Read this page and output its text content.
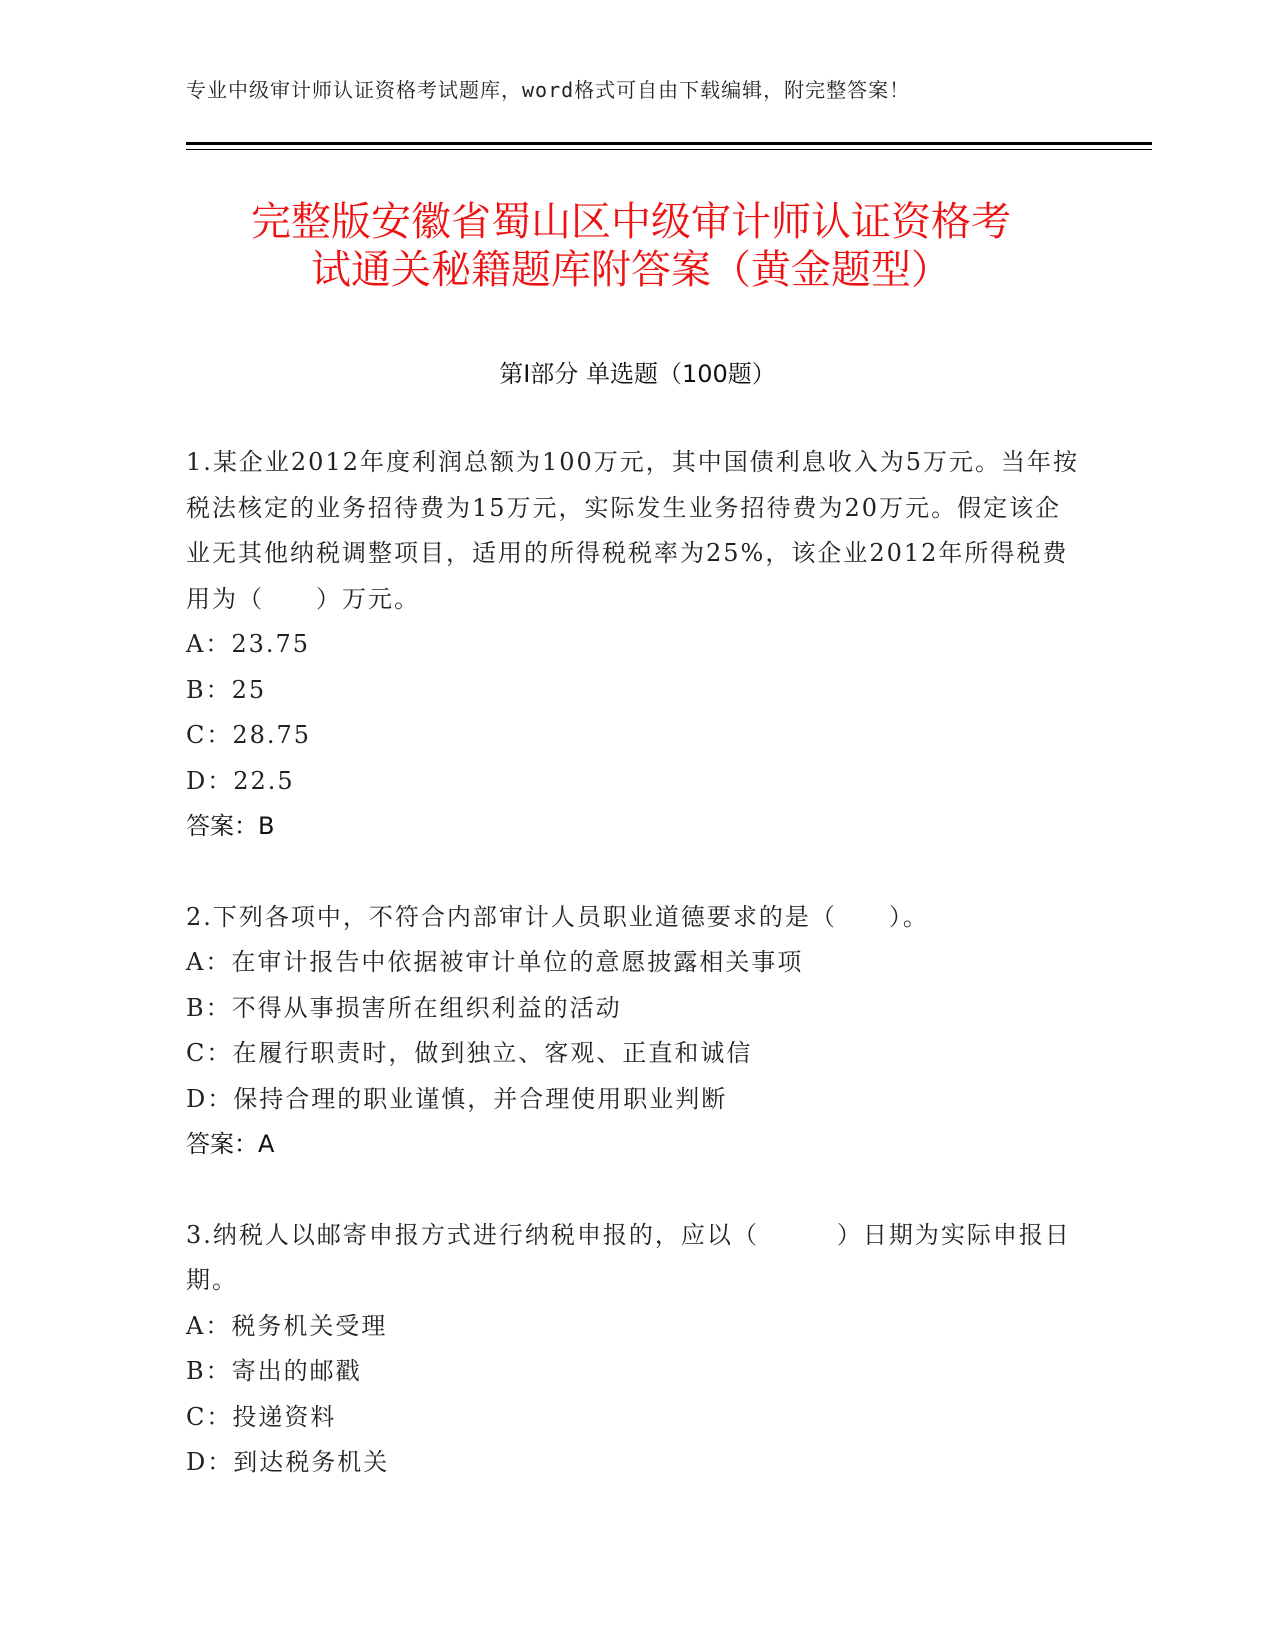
专业中级审计师认证资格考试题库，word格式可自由下载编辑，附完整答案！
完整版安徽省蜀山区中级审计师认证资格考
试通关秘籍题库附答案（黄金题型）
第Ⅰ部分 单选题（100题）
1.某企业2012年度利润总额为100万元，其中国债利息收入为5万元。当年按税法核定的业务招待费为15万元，实际发生业务招待费为20万元。假定该企业无其他纳税调整项目，适用的所得税税率为25%，该企业2012年所得税费用为（　　）万元。
A：23.75
B：25
C：28.75
D：22.5
答案：B
2.下列各项中，不符合内部审计人员职业道德要求的是（　　）。
A：在审计报告中依据被审计单位的意愿披露相关事项
B：不得从事损害所在组织利益的活动
C：在履行职责时，做到独立、客观、正直和诚信
D：保持合理的职业谨慎，并合理使用职业判断
答案：A
3.纳税人以邮寄申报方式进行纳税申报的，应以（　　　）日期为实际申报日期。
A：税务机关受理
B：寄出的邮戳
C：投递资料
D：到达税务机关
